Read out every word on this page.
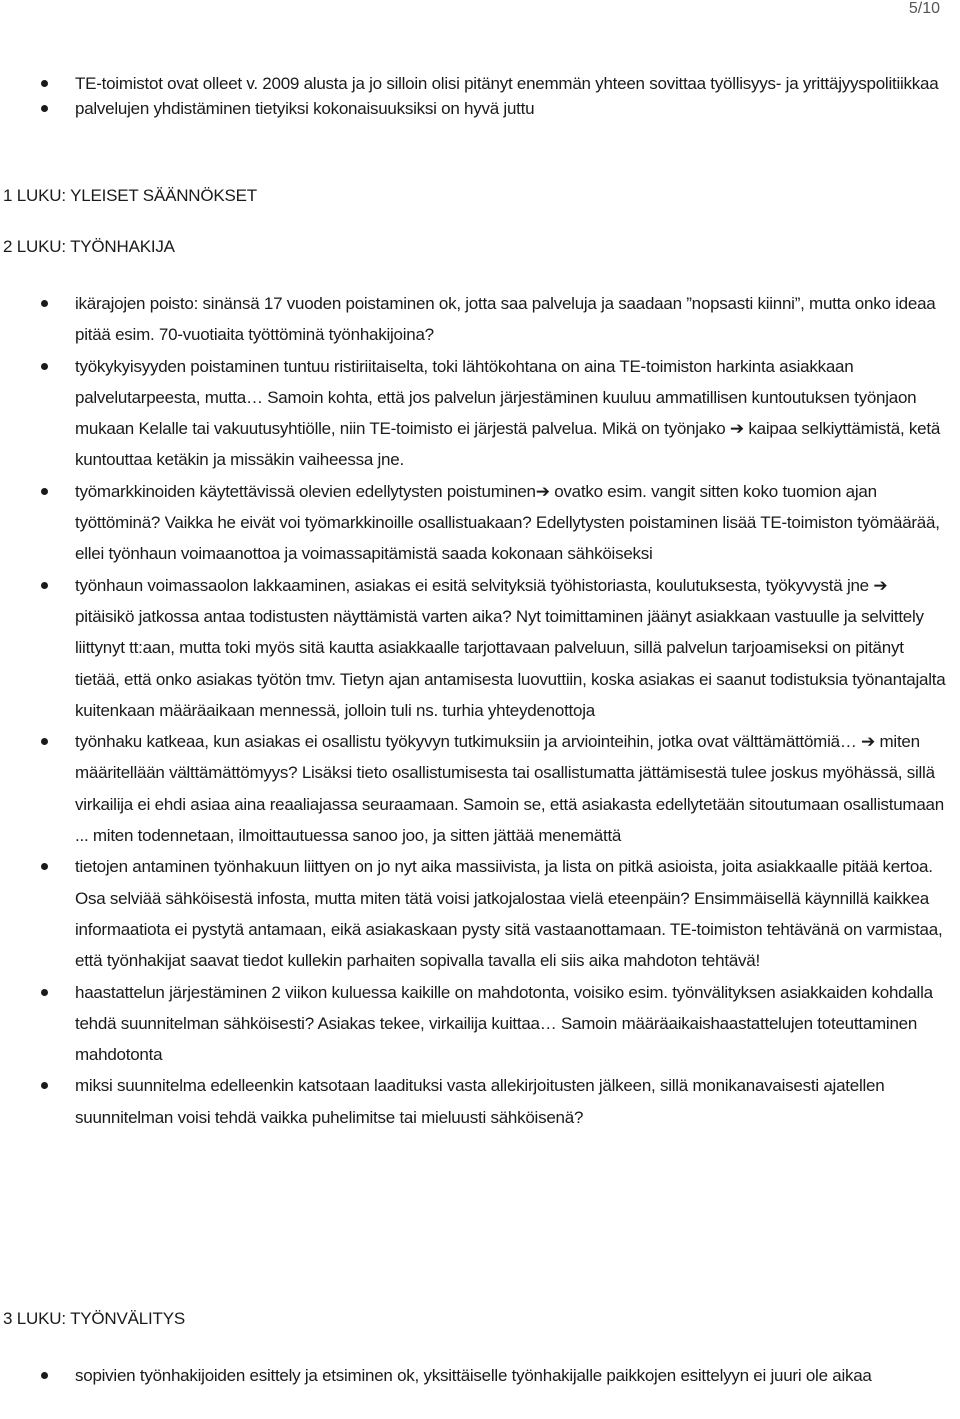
5/10
TE-toimistot ovat olleet v. 2009 alusta ja jo silloin olisi pitänyt enemmän yhteen sovittaa työllisyys- ja yrittäjyyspolitiikkaa
palvelujen yhdistäminen tietyiksi kokonaisuuksiksi on hyvä juttu
1 LUKU: YLEISET SÄÄNNÖKSET
2 LUKU: TYÖNHAKIJA
ikärajojen poisto: sinänsä 17 vuoden poistaminen ok, jotta saa palveluja ja saadaan ”nopsasti kiinni”, mutta onko ideaa pitää esim. 70-vuotiaita työttöminä työnhakijoina?
työkykyisyyden poistaminen tuntuu ristiriitaiselta, toki lähtökohtana on aina TE-toimiston harkinta asiakkaan palvelutarpeesta, mutta… Samoin kohta, että jos palvelun järjestäminen kuuluu ammatillisen kuntoutuksen työnjaon mukaan Kelalle tai vakuutusyhtiölle, niin TE-toimisto ei järjestä palvelua. Mikä on työnjako ➔ kaipaa selkiyttämistä, ketä kuntouttaa ketäkin ja missäkin vaiheessa jne.
työmarkkinoiden käytettävissä olevien edellytysten poistuminen➔ ovatko esim. vangit sitten koko tuomion ajan työttöminä? Vaikka he eivät voi työmarkkinoille osallistuakaan? Edellytysten poistaminen lisää TE-toimiston työmäärää, ellei työnhaun voimaanottoa ja voimassapitämistä saada kokonaan sähköiseksi
työnhaun voimassaolon lakkaaminen, asiakas ei esitä selvityksiä työhistoriasta, koulutuksesta, työkyvystä jne ➔ pitäisikö jatkossa antaa todistusten näyttämistä varten aika? Nyt toimittaminen jäänyt asiakkaan vastuulle ja selvittely liittynyt tt:aan, mutta toki myös sitä kautta asiakkaalle tarjottavaan palveluun, sillä palvelun tarjoamiseksi on pitänyt tietää, että onko asiakas työtön tmv. Tietyn ajan antamisesta luovuttiin, koska asiakas ei saanut todistuksia työnantajalta kuitenkaan määräaikaan mennessä, jolloin tuli ns. turhia yhteydenottoja
työnhaku katkeaa, kun asiakas ei osallistu työkyvyn tutkimuksiin ja arviointeihin, jotka ovat välttämättömiä… ➔ miten määritellään välttämättömyys? Lisäksi tieto osallistumisesta tai osallistumatta jättämisestä tulee joskus myöhässä, sillä virkailija ei ehdi asiaa aina reaaliajassa seuraamaan. Samoin se, että asiakasta edellytetään sitoutumaan osallistumaan ... miten todennetaan, ilmoittautuessa sanoo joo, ja sitten jättää menemättä
tietojen antaminen työnhakuun liittyen on jo nyt aika massiivista, ja lista on pitkä asioista, joita asiakkaalle pitää kertoa. Osa selviää sähköisestä infosta, mutta miten tätä voisi jatkojalostaa vielä eteenpäin? Ensimmäisellä käynnillä kaikkea informaatiota ei pystytä antamaan, eikä asiakaskaan pysty sitä vastaanottamaan. TE-toimiston tehtävänä on varmistaa, että työnhakijat saavat tiedot kullekin parhaiten sopivalla tavalla eli siis aika mahdoton tehtävä!
haastattelun järjestäminen 2 viikon kuluessa kaikille on mahdotonta, voisiko esim. työnvälityksen asiakkaiden kohdalla tehdä suunnitelman sähköisesti? Asiakas tekee, virkailija kuittaa… Samoin määräaikaishaastattelujen toteuttaminen mahdotonta
miksi suunnitelma edelleenkin katsotaan laadituksi vasta allekirjoitusten jälkeen, sillä monikanavaisesti ajatellen suunnitelman voisi tehdä vaikka puhelimitse tai mieluusti sähköisenä?
3 LUKU: TYÖNVÄLITYS
sopivien työnhakijoiden esittely ja etsiminen ok, yksittäiselle työnhakijalle paikkojen esittelyyn ei juuri ole aikaa
